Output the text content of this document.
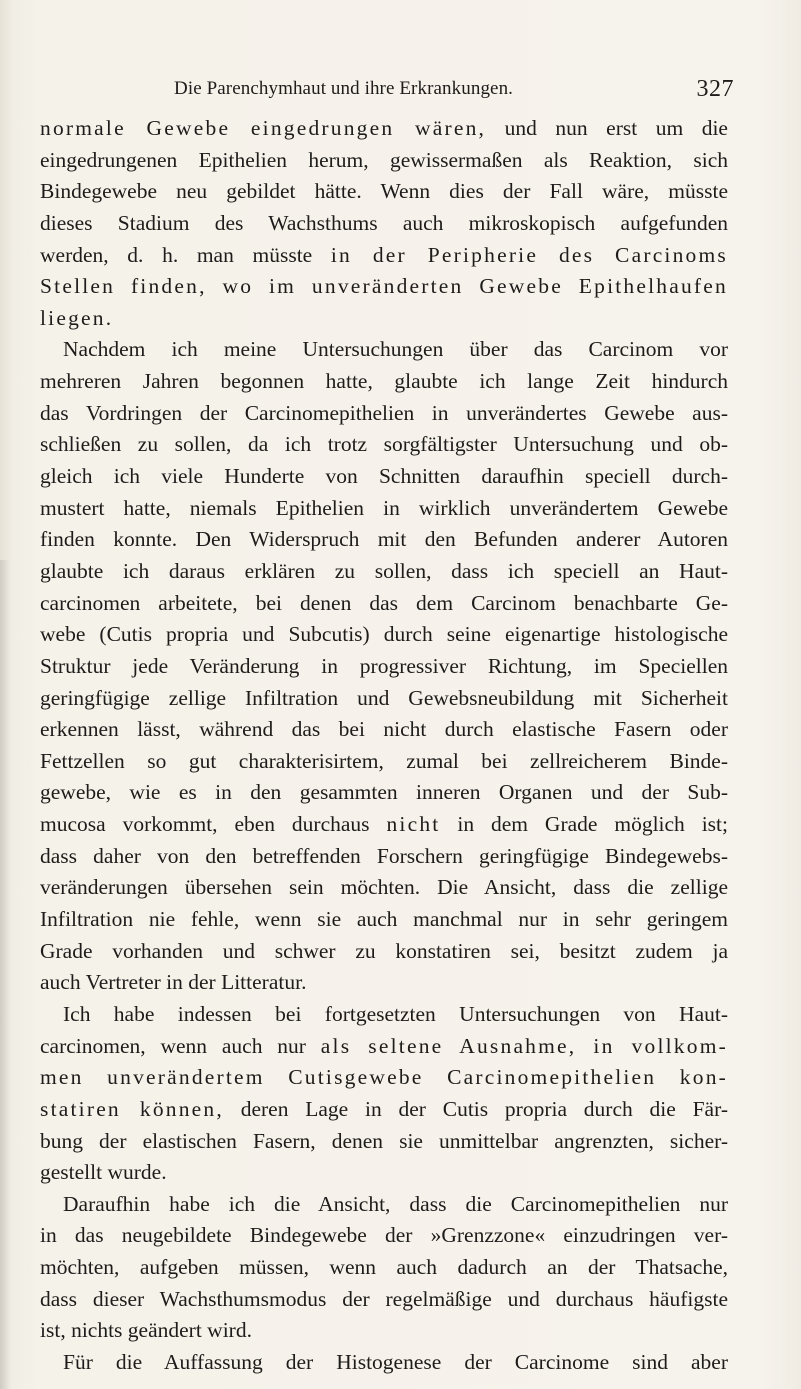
Die Parenchymhaut und ihre Erkrankungen.	327
normale Gewebe eingedrungen wären, und nun erst um die
eingedrungenen Epithelien herum, gewissermaßen als Reaktion, sich
Bindegewebe neu gebildet hätte. Wenn dies der Fall wäre, müsste
dieses Stadium des Wachsthums auch mikroskopisch aufgefunden
werden, d. h. man müsste in der Peripherie des Carcinoms
Stellen finden, wo im unveränderten Gewebe Epithelhaufen
liegen.
Nachdem ich meine Untersuchungen über das Carcinom vor
mehreren Jahren begonnen hatte, glaubte ich lange Zeit hindurch
das Vordringen der Carcinomepithelien in unverändertes Gewebe aus-
schließen zu sollen, da ich trotz sorgfältigster Untersuchung und ob-
gleich ich viele Hunderte von Schnitten daraufhin speciell durch-
mustert hatte, niemals Epithelien in wirklich unverändertem Gewebe
finden konnte. Den Widerspruch mit den Befunden anderer Autoren
glaubte ich daraus erklären zu sollen, dass ich speciell an Haut-
carcinomen arbeitete, bei denen das dem Carcinom benachbarte Ge-
webe (Cutis propria und Subcutis) durch seine eigenartige histologische
Struktur jede Veränderung in progressiver Richtung, im Speciellen
geringfügige zellige Infiltration und Gewebsneubildung mit Sicherheit
erkennen lässt, während das bei nicht durch elastische Fasern oder
Fettzellen so gut charakterisirtem, zumal bei zellreicherem Binde-
gewebe, wie es in den gesammten inneren Organen und der Sub-
mucosa vorkommt, eben durchaus nicht in dem Grade möglich ist;
dass daher von den betreffenden Forschern geringfügige Bindegewebs-
veränderungen übersehen sein möchten. Die Ansicht, dass die zellige
Infiltration nie fehle, wenn sie auch manchmal nur in sehr geringem
Grade vorhanden und schwer zu konstatiren sei, besitzt zudem ja
auch Vertreter in der Litteratur.
Ich habe indessen bei fortgesetzten Untersuchungen von Haut-
carcinomen, wenn auch nur als seltene Ausnahme, in vollkom-
men unverändertem Cutisgewebe Carcinomepithelien kon-
statiren können, deren Lage in der Cutis propria durch die Fär-
bung der elastischen Fasern, denen sie unmittelbar angrenzten, sicher-
gestellt wurde.
Daraufhin habe ich die Ansicht, dass die Carcinomepithelien nur
in das neugebildete Bindegewebe der »Grenzzone« einzudringen ver-
möchten, aufgeben müssen, wenn auch dadurch an der Thatsache,
dass dieser Wachsthumsmodus der regelmäßige und durchaus häufigste
ist, nichts geändert wird.
Für die Auffassung der Histogenese der Carcinome sind aber
